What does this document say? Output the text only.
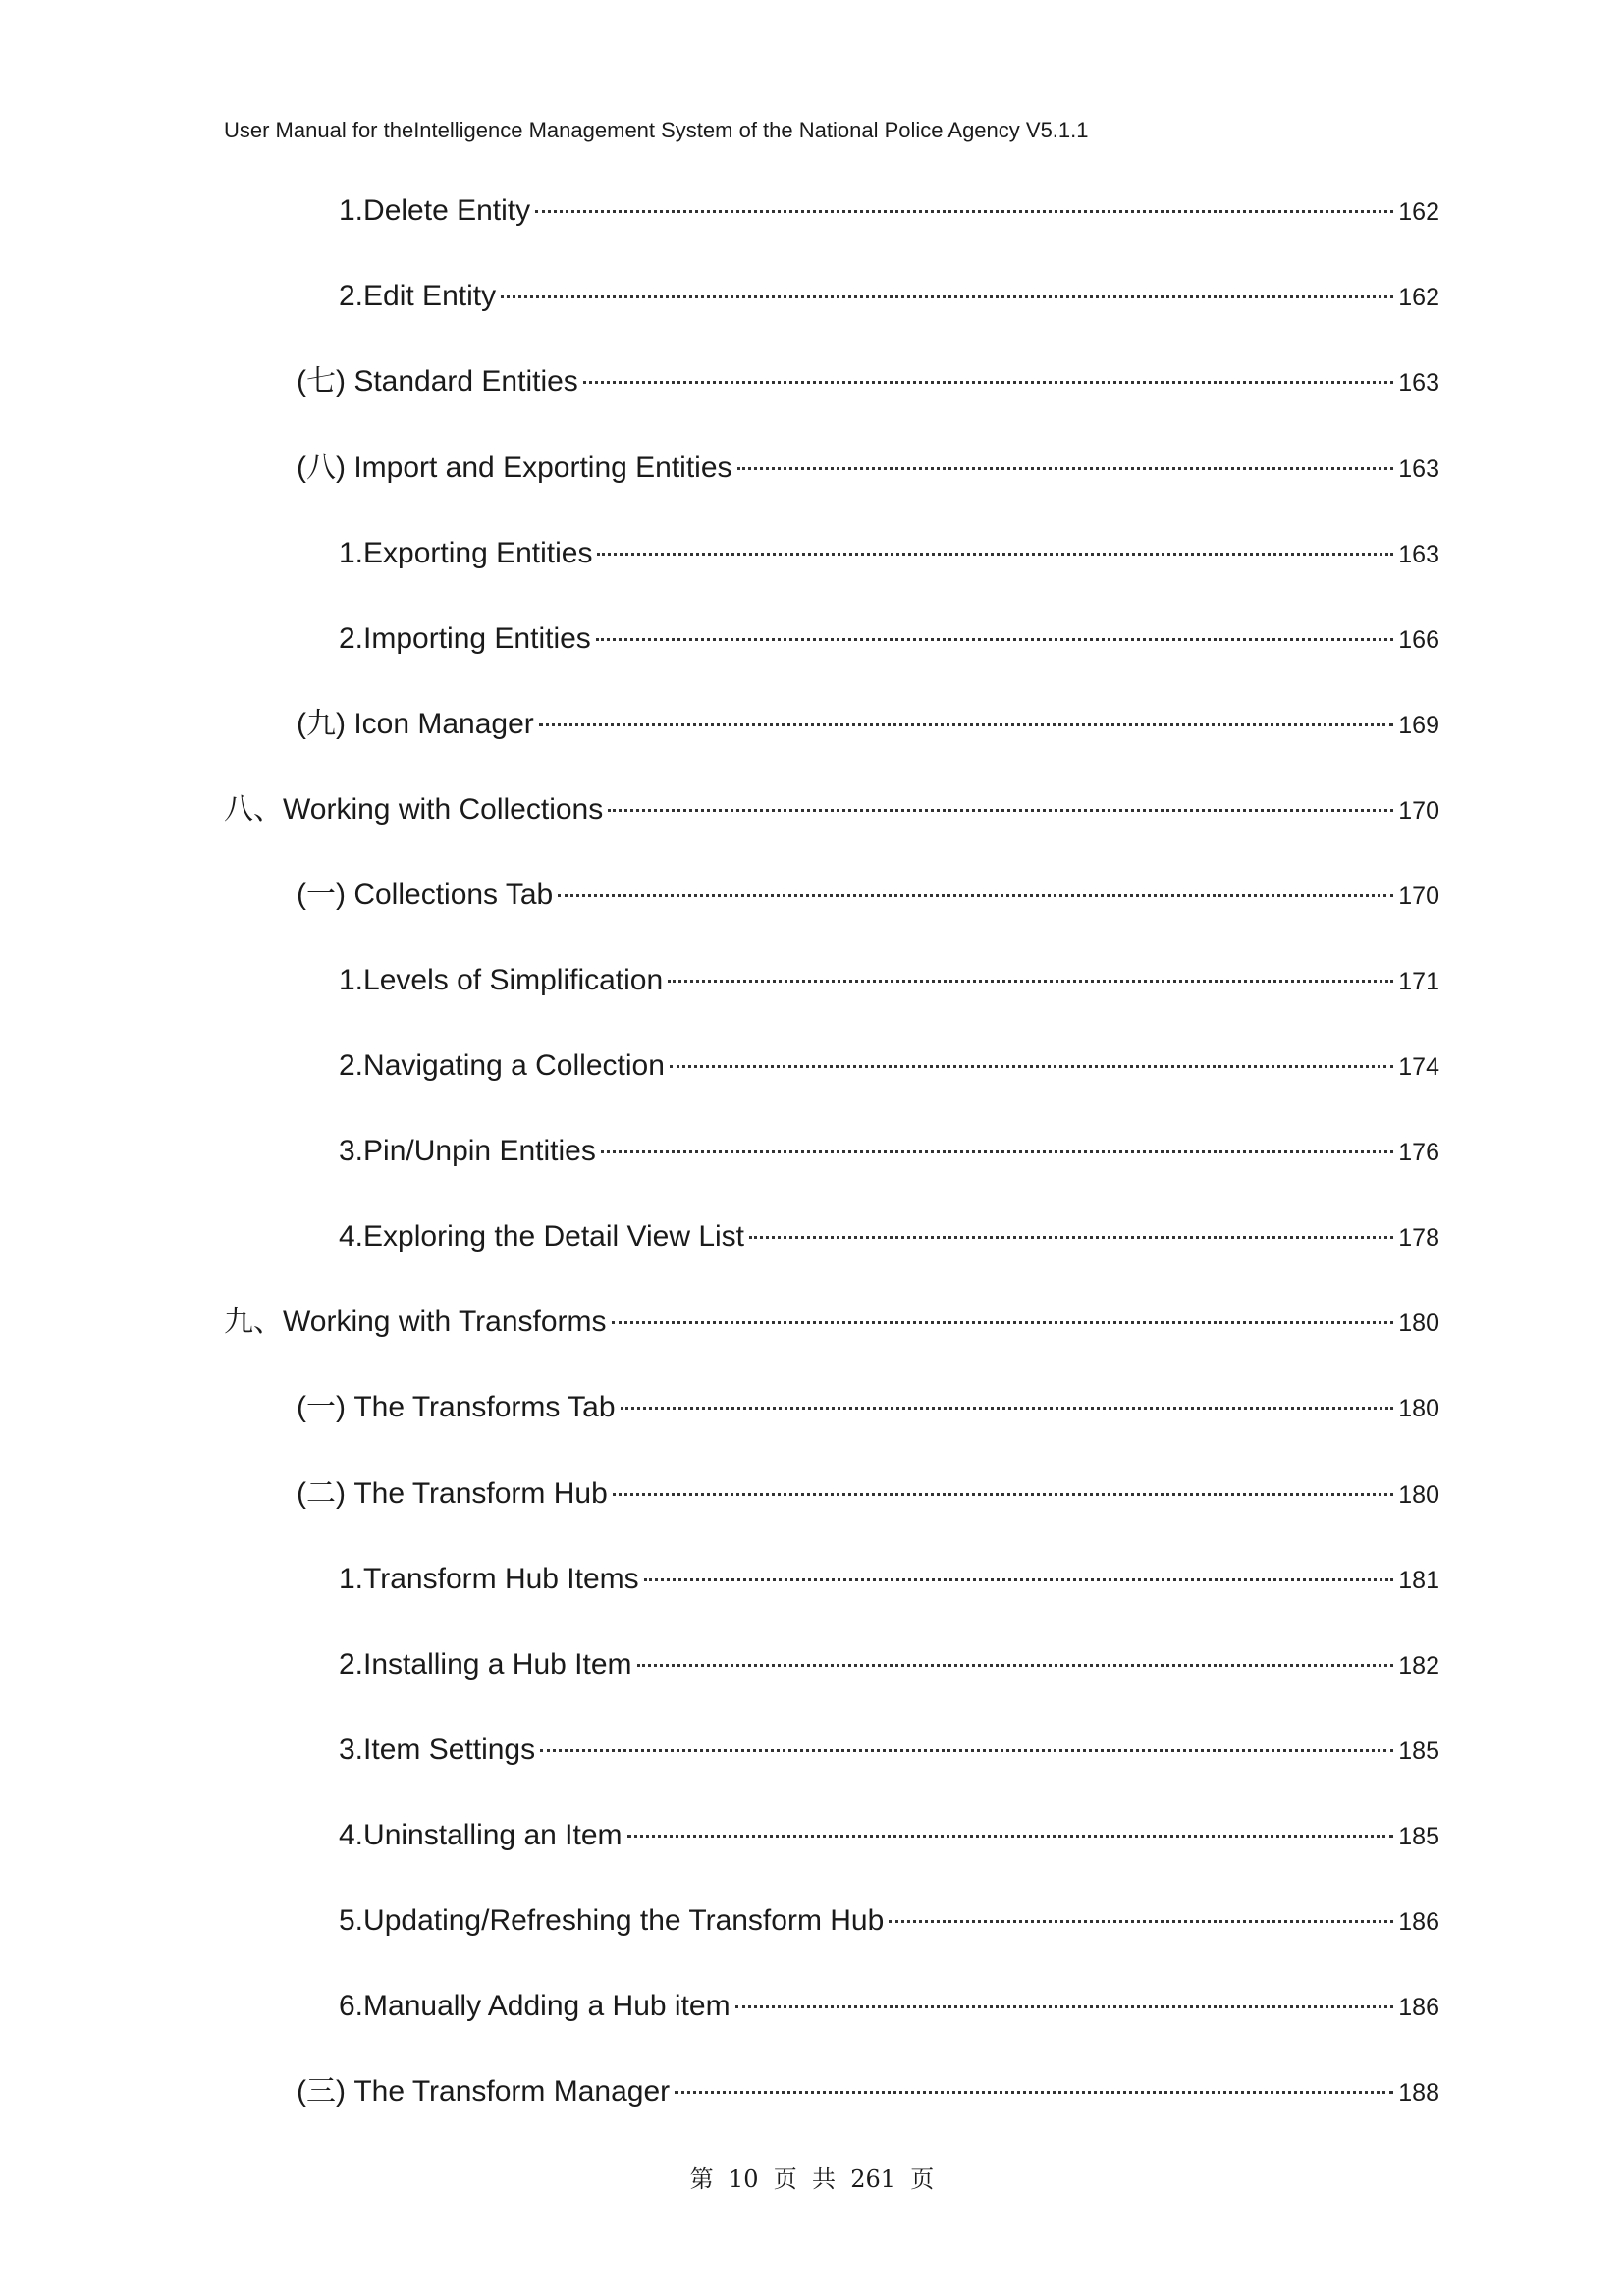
User Manual for theIntelligence Management System of the National Police Agency V5.1.1
1. Delete Entity	162
2. Edit Entity	162
(七) Standard Entities	163
(八) Import and Exporting Entities	163
1. Exporting Entities	163
2. Importing Entities	166
(九) Icon Manager	169
八、 Working with Collections	170
(一) Collections Tab	170
1. Levels of Simplification	171
2. Navigating a Collection	174
3. Pin/Unpin Entities	176
4. Exploring the Detail View List	178
九、 Working with Transforms	180
(一) The Transforms Tab	180
(二) The Transform Hub	180
1. Transform Hub Items	181
2. Installing a Hub Item	182
3. Item Settings	185
4. Uninstalling an Item	185
5. Updating/Refreshing the Transform Hub	186
6. Manually Adding a Hub item	186
(三) The Transform Manager	188
第  10  页  共  261  页
